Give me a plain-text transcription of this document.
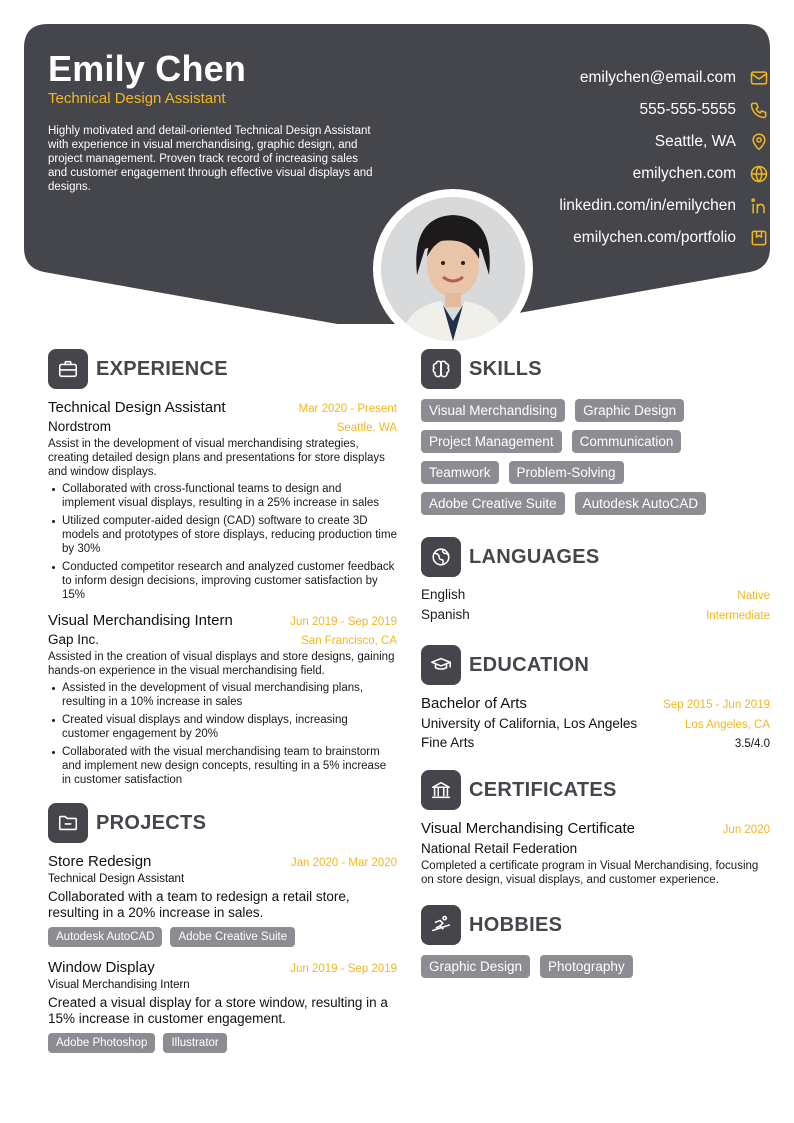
Emily Chen
Technical Design Assistant
Highly motivated and detail-oriented Technical Design Assistant with experience in visual merchandising, graphic design, and project management. Proven track record of increasing sales and customer engagement through effective visual displays and designs.
emilychen@email.com
555-555-5555
Seattle, WA
emilychen.com
linkedin.com/in/emilychen
emilychen.com/portfolio
EXPERIENCE
Technical Design Assistant	Mar 2020 - Present
Nordstrom	Seattle, WA
Assist in the development of visual merchandising strategies, creating detailed design plans and presentations for store displays and window displays.
Collaborated with cross-functional teams to design and implement visual displays, resulting in a 25% increase in sales
Utilized computer-aided design (CAD) software to create 3D models and prototypes of store displays, reducing production time by 30%
Conducted competitor research and analyzed customer feedback to inform design decisions, improving customer satisfaction by 15%
Visual Merchandising Intern	Jun 2019 - Sep 2019
Gap Inc.	San Francisco, CA
Assisted in the creation of visual displays and store designs, gaining hands-on experience in the visual merchandising field.
Assisted in the development of visual merchandising plans, resulting in a 10% increase in sales
Created visual displays and window displays, increasing customer engagement by 20%
Collaborated with the visual merchandising team to brainstorm and implement new design concepts, resulting in a 5% increase in customer satisfaction
PROJECTS
Store Redesign	Jan 2020 - Mar 2020
Technical Design Assistant
Collaborated with a team to redesign a retail store, resulting in a 20% increase in sales.
Autodesk AutoCAD	Adobe Creative Suite
Window Display	Jun 2019 - Sep 2019
Visual Merchandising Intern
Created a visual display for a store window, resulting in a 15% increase in customer engagement.
Adobe Photoshop	Illustrator
SKILLS
Visual Merchandising	Graphic Design
Project Management	Communication
Teamwork	Problem-Solving
Adobe Creative Suite	Autodesk AutoCAD
LANGUAGES
English	Native
Spanish	Intermediate
EDUCATION
Bachelor of Arts	Sep 2015 - Jun 2019
University of California, Los Angeles	Los Angeles, CA
Fine Arts	3.5/4.0
CERTIFICATES
Visual Merchandising Certificate	Jun 2020
National Retail Federation
Completed a certificate program in Visual Merchandising, focusing on store design, visual displays, and customer experience.
HOBBIES
Graphic Design	Photography
